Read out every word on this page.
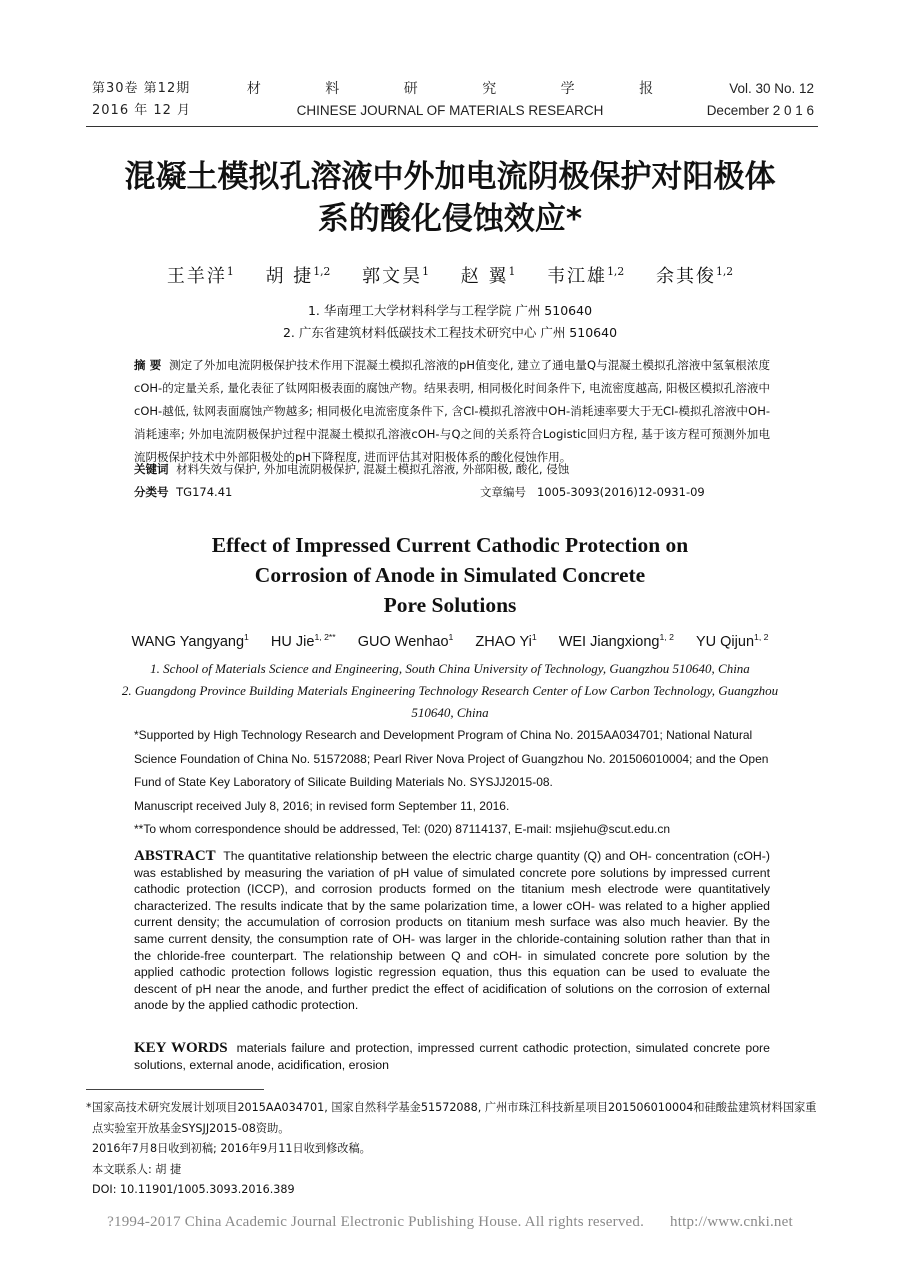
第30卷 第12期
2016 年 12 月
材 料 研 究 学 报
CHINESE JOURNAL OF MATERIALS RESEARCH
Vol. 30 No. 12
December 2 0 1 6
混凝土模拟孔溶液中外加电流阴极保护对阳极体系的酸化侵蚀效应*
王羊洋$^1$ 胡 捷$^{1,2}$ 郭文昊$^1$ 赵 翼$^1$ 韦江雄$^{1,2}$ 余其俊$^{1,2}$
1. 华南理工大学材料科学与工程学院 广州 510640
2. 广东省建筑材料低碳技术工程技术研究中心 广州 510640
摘 要 测定了外加电流阴极保护技术作用下混凝土模拟孔溶液的pH值变化, 建立了通电量Q与混凝土模拟孔溶液中氢氧根浓度cOH-的定量关系, 量化表征了钛网阳极表面的腐蚀产物。结果表明, 相同极化时间条件下, 电流密度越高, 阳极区模拟孔溶液中cOH-越低, 钛网表面腐蚀产物越多; 相同极化电流密度条件下, 含Cl-模拟孔溶液中OH-消耗速率要大于无Cl-模拟孔溶液中OH-消耗速率; 外加电流阴极保护过程中混凝土模拟孔溶液cOH-与Q之间的关系符合Logistic回归方程, 基于该方程可预测外加电流阴极保护技术中外部阳极处的pH下降程度, 进而评估其对阳极体系的酸化侵蚀作用。
关键词 材料失效与保护, 外加电流阴极保护, 混凝土模拟孔溶液, 外部阳极, 酸化, 侵蚀
分类号 TG174.41	文章编号 1005-3093(2016)12-0931-09
Effect of Impressed Current Cathodic Protection on
Corrosion of Anode in Simulated Concrete
Pore Solutions
WANG Yangyang$^1$ HU Jie$^{1, 2**}$ GUO Wenhao$^1$ ZHAO Yi$^1$ WEI Jiangxiong$^{1, 2}$ YU Qijun$^{1, 2}$
1. School of Materials Science and Engineering, South China University of Technology, Guangzhou 510640, China
2. Guangdong Province Building Materials Engineering Technology Research Center of Low Carbon Technology, Guangzhou 510640, China

*Supported by High Technology Research and Development Program of China No. 2015AA034701; National Natural Science Foundation of China No. 51572088; Pearl River Nova Project of Guangzhou No. 201506010004; and the Open Fund of State Key Laboratory of Silicate Building Materials No. SYSJJ2015-08.

Manuscript received July 8, 2016; in revised form September 11, 2016.

**To whom correspondence should be addressed, Tel: (020) 87114137, E-mail: msjiehu@scut.edu.cn

ABSTRACT The quantitative relationship between the electric charge quantity (Q) and OH- concentration (cOH-) was established by measuring the variation of pH value of simulated concrete pore solutions by impressed current cathodic protection (ICCP), and corrosion products formed on the titanium mesh electrode were quantitatively characterized. The results indicate that by the same polarization time, a lower cOH- was related to a higher applied current density; the accumulation of corrosion products on titanium mesh surface was also much heavier. By the same current density, the consumption rate of OH- was larger in the chloride-containing solution rather than that in the chloride-free counterpart. The relationship between Q and cOH- in simulated concrete pore solution by the applied cathodic protection follows logistic regression equation, thus this equation can be used to evaluate the descent of pH near the anode, and further predict the effect of acidification of solutions on the corrosion of external anode by the applied cathodic protection.
KEY WORDS materials failure and protection, impressed current cathodic protection, simulated concrete pore solutions, external anode, acidification, erosion
* 国家高技术研究发展计划项目2015AA034701, 国家自然科学基金51572088, 广州市珠江科技新星项目201506010004和硅酸盐建筑材料国家重点实验室开放基金SYSJJ2015-08资助。

2016年7月8日收到初稿; 2016年9月11日收到修改稿。

本文联系人: 胡 捷

DOI: 10.11901/1005.3093.2016.389

?1994-2017 China Academic Journal Electronic Publishing House. All rights reserved. http://www.cnki.net
